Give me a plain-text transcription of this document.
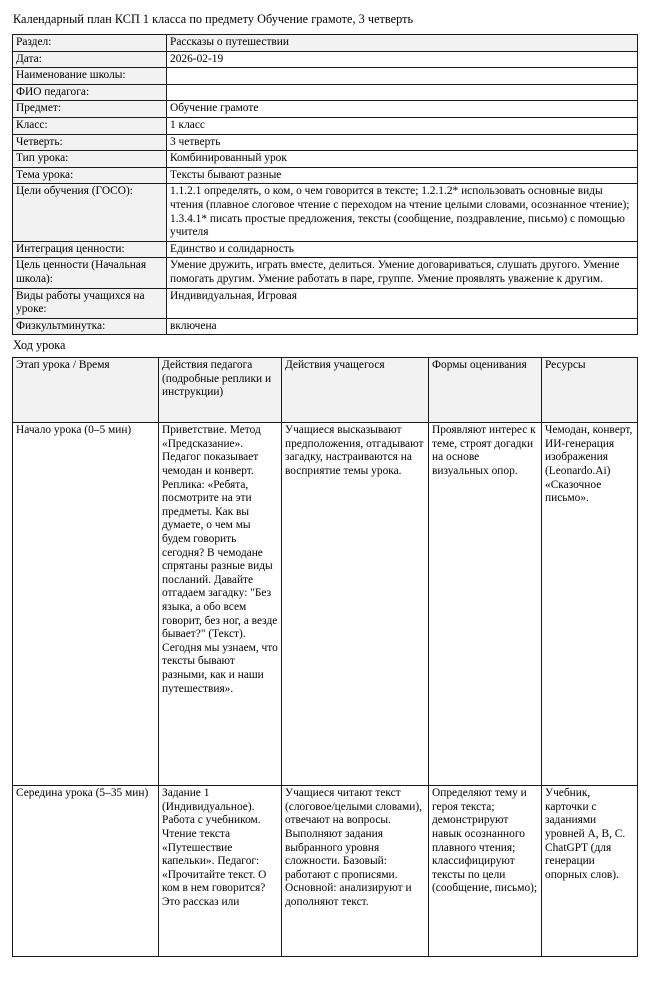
Календарный план КСП 1 класса по предмету Обучение грамоте, 3 четверть
Раздел:	Рассказы о путешествии
Дата:	2026-02-19
Наименование школы:	
ФИО педагога:	
Предмет:	Обучение грамоте
Класс:	1 класс
Четверть:	3 четверть
Тип урока:	Комбинированный урок
Тема урока:	Тексты бывают разные
Цели обучения (ГОСО):	1.1.2.1 определять, о ком, о чем говорится в тексте; 1.2.1.2* использовать основные виды чтения (плавное слоговое чтение с переходом на чтение целыми словами, осознанное чтение); 1.3.4.1* писать простые предложения, тексты (сообщение, поздравление, письмо) с помощью учителя
Интеграция ценности:	Единство и солидарность
Цель ценности (Начальная школа):	Умение дружить, играть вместе, делиться. Умение договариваться, слушать другого. Умение помогать другим. Умение работать в паре, группе. Умение проявлять уважение к другим.
Виды работы учащихся на уроке:	Индивидуальная, Игровая
Физкультминутка:	включена
Ход урока
Этап урока / Время	Действия педагога (подробные реплики и инструкции)	Действия учащегося	Формы оценивания	Ресурсы
Начало урока (0–5 мин)	Приветствие. Метод «Предсказание». Педагог показывает чемодан и конверт. Реплика: «Ребята, посмотрите на эти предметы. Как вы думаете, о чем мы будем говорить сегодня? В чемодане спрятаны разные виды посланий. Давайте отгадаем загадку: "Без языка, а обо всем говорит, без ног, а везде бывает?" (Текст). Сегодня мы узнаем, что тексты бывают разными, как и наши путешествия».	Учащиеся высказывают предположения, отгадывают загадку, настраиваются на восприятие темы урока.	Проявляют интерес к теме, строят догадки на основе визуальных опор.	Чемодан, конверт, ИИ-генерация изображения (Leonardo.Ai) «Сказочное письмо».
Середина урока (5–35 мин)	Задание 1 (Индивидуальное). Работа с учебником. Чтение текста «Путешествие капельки». Педагог: «Прочитайте текст. О ком в нем говорится? Это рассказ или	Учащиеся читают текст (слоговое/целыми словами), отвечают на вопросы. Выполняют задания выбранного уровня сложности. Базовый: работают с прописями. Основной: анализируют и дополняют текст.	Определяют тему и героя текста; демонстрируют навык осознанного плавного чтения; классифицируют тексты по цели (сообщение, письмо);	Учебник, карточки с заданиями уровней A, B, C. ChatGPT (для генерации опорных слов).
